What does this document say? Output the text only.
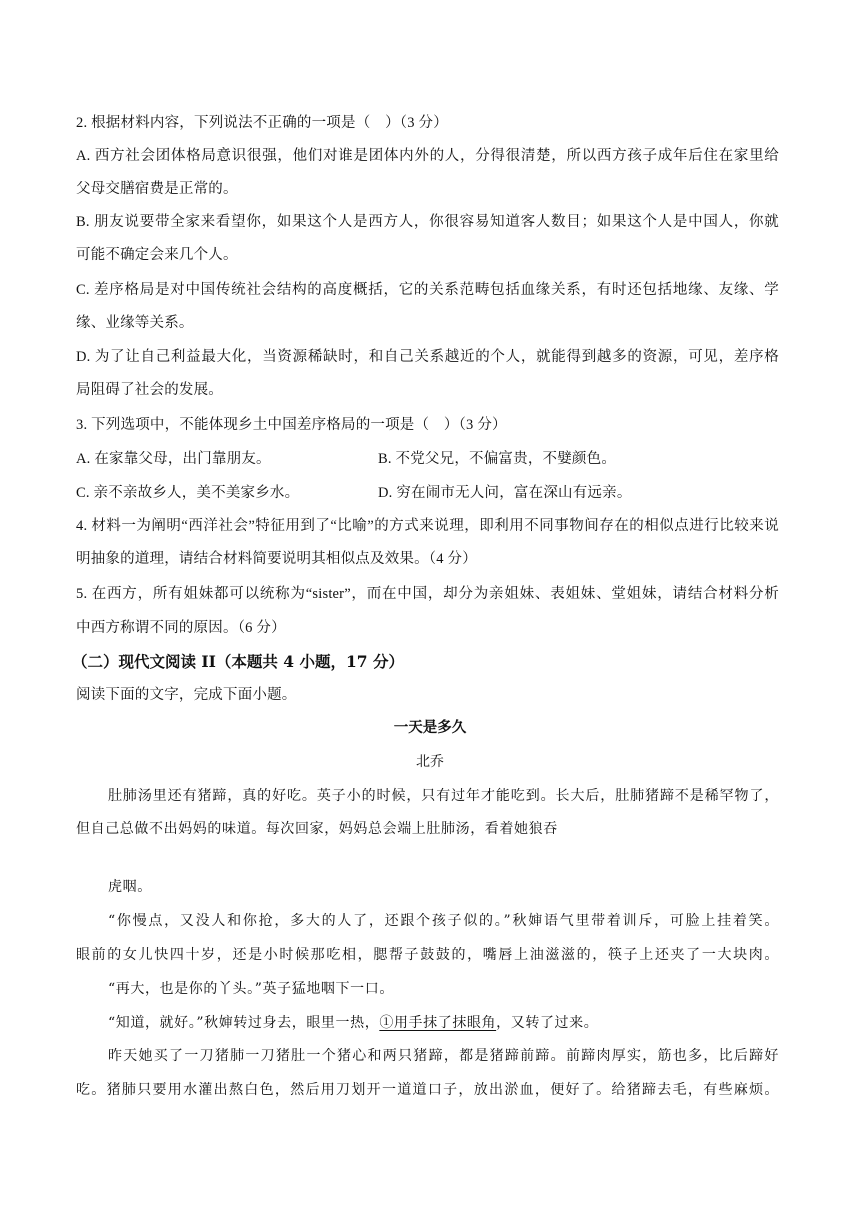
2. 根据材料内容，下列说法不正确的一项是（　）（3 分）
A. 西方社会团体格局意识很强，他们对谁是团体内外的人，分得很清楚，所以西方孩子成年后住在家里给
父母交膳宿费是正常的。
B. 朋友说要带全家来看望你，如果这个人是西方人，你很容易知道客人数目；如果这个人是中国人，你就
可能不确定会来几个人。
C. 差序格局是对中国传统社会结构的高度概括，它的关系范畴包括血缘关系，有时还包括地缘、友缘、学
缘、业缘等关系。
D. 为了让自己利益最大化，当资源稀缺时，和自己关系越近的个人，就能得到越多的资源，可见，差序格
局阻碍了社会的发展。
3. 下列选项中，不能体现乡土中国差序格局的一项是（　）（3 分）
A. 在家靠父母，出门靠朋友。	B. 不党父兄，不偏富贵，不嬖颜色。
C. 亲不亲故乡人，美不美家乡水。	D. 穷在闹市无人问，富在深山有远亲。
4. 材料一为阐明“西洋社会”特征用到了“比喻”的方式来说理，即利用不同事物间存在的相似点进行比较来说
明抽象的道理，请结合材料简要说明其相似点及效果。（4 分）
5. 在西方，所有姐妹都可以统称为“sister”，而在中国，却分为亲姐妹、表姐妹、堂姐妹，请结合材料分析
中西方称谓不同的原因。（6 分）
（二）现代文阅读 II（本题共 4 小题，17 分）
阅读下面的文字，完成下面小题。
一天是多久
北乔
肚肺汤里还有猪蹄，真的好吃。英子小的时候，只有过年才能吃到。长大后，肚肺猪蹄不是稀罕物了，
但自己总做不出妈妈的味道。每次回家，妈妈总会端上肚肺汤，看着她狼吞
虎咽。
“你慢点，又没人和你抢，多大的人了，还跟个孩子似的。”秋婶语气里带着训斥，可脸上挂着笑。
眼前的女儿快四十岁，还是小时候那吃相，腮帮子鼓鼓的，嘴唇上油滋滋的，筷子上还夹了一大块肉。
“再大，也是你的丫头。”英子猛地咽下一口。
“知道，就好。”秋婶转过身去，眼里一热，①用手抹了抹眼角，又转了过来。
昨天她买了一刀猪肺一刀猪肚一个猪心和两只猪蹄，都是猪蹄前蹄。前蹄肉厚实，筋也多，比后蹄好
吃。猪肺只要用水灌出熬白色，然后用刀划开一道道口子，放出淤血，便好了。给猪蹄去毛，有些麻烦。
